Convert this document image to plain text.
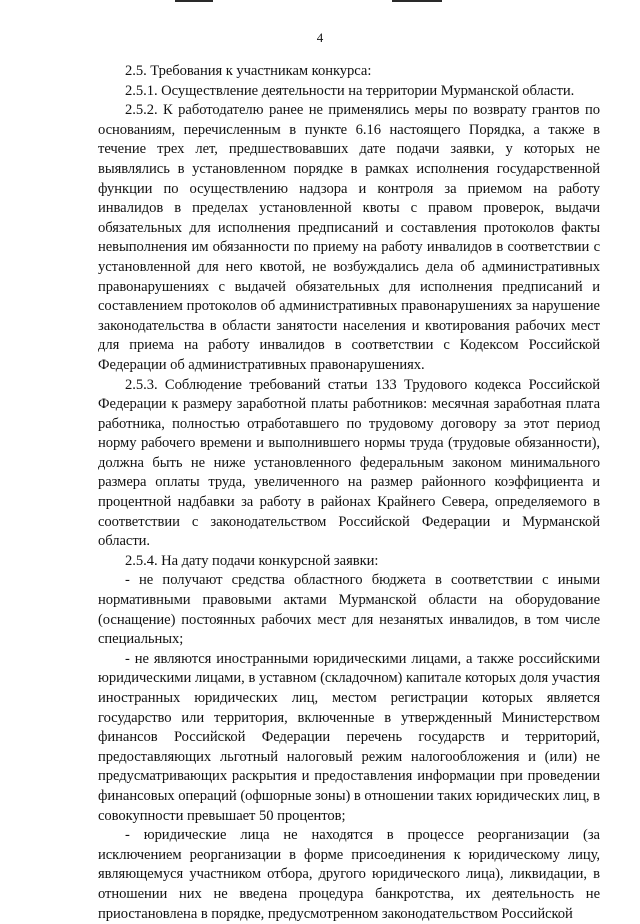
4

2.5. Требования к участникам конкурса:

2.5.1. Осуществление деятельности на территории Мурманской области.

2.5.2. К работодателю ранее не применялись меры по возврату грантов по основаниям, перечисленным в пункте 6.16 настоящего Порядка, а также в течение трех лет, предшествовавших дате подачи заявки, у которых не выявлялись в установленном порядке в рамках исполнения государственной функции по осуществлению надзора и контроля за приемом на работу инвалидов в пределах установленной квоты с правом проверок, выдачи обязательных для исполнения предписаний и составления протоколов факты невыполнения им обязанности по приему на работу инвалидов в соответствии с установленной для него квотой, не возбуждались дела об административных правонарушениях с выдачей обязательных для исполнения предписаний и составлением протоколов об административных правонарушениях за нарушение законодательства в области занятости населения и квотирования рабочих мест для приема на работу инвалидов в соответствии с Кодексом Российской Федерации об административных правонарушениях.

2.5.3. Соблюдение требований статьи 133 Трудового кодекса Российской Федерации к размеру заработной платы работников: месячная заработная плата работника, полностью отработавшего по трудовому договору за этот период норму рабочего времени и выполнившего нормы труда (трудовые обязанности), должна быть не ниже установленного федеральным законом минимального размера оплаты труда, увеличенного на размер районного коэффициента и процентной надбавки за работу в районах Крайнего Севера, определяемого в соответствии с законодательством Российской Федерации и Мурманской области.

2.5.4. На дату подачи конкурсной заявки:

- не получают средства областного бюджета в соответствии с иными нормативными правовыми актами Мурманской области на оборудование (оснащение) постоянных рабочих мест для незанятых инвалидов, в том числе специальных;

- не являются иностранными юридическими лицами, а также российскими юридическими лицами, в уставном (складочном) капитале которых доля участия иностранных юридических лиц, местом регистрации которых является государство или территория, включенные в утвержденный Министерством финансов Российской Федерации перечень государств и территорий, предоставляющих льготный налоговый режим налогообложения и (или) не предусматривающих раскрытия и предоставления информации при проведении финансовых операций (офшорные зоны) в отношении таких юридических лиц, в совокупности превышает 50 процентов;

- юридические лица не находятся в процессе реорганизации (за исключением реорганизации в форме присоединения к юридическому лицу, являющемуся участником отбора, другого юридического лица), ликвидации, в отношении них не введена процедура банкротства, их деятельность не приостановлена в порядке, предусмотренном законодательством Российской
